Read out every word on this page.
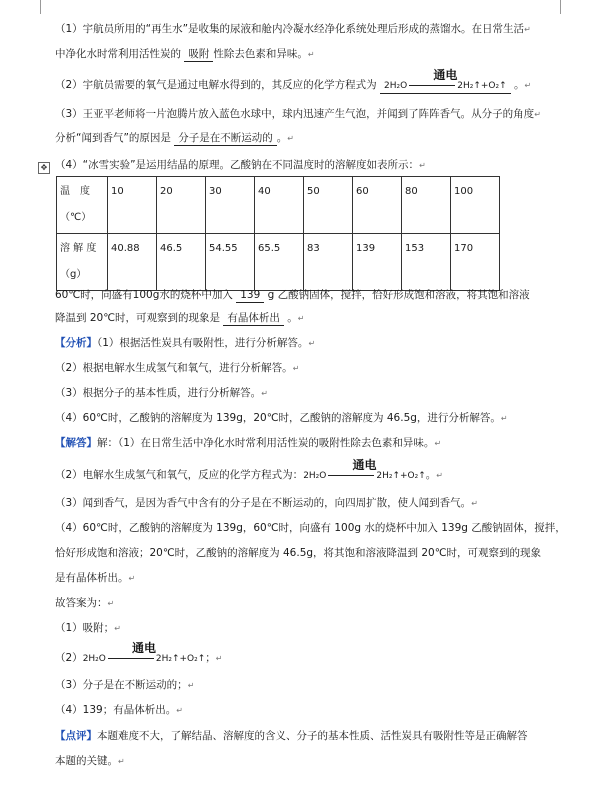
✥
（1）宇航员所用的“再生水”是收集的尿液和舱内冷凝水经净化系统处理后形成的蒸馏水。在日常生活↵
中净化水时常利用活性炭的 吸附 性除去色素和异味。↵
（2）宇航员需要的氧气是通过电解水得到的，其反应的化学方程式为
通电
2H₂O	2H₂↑+O₂↑ 。↵
（3）王亚平老师将一片泡腾片放入蓝色水球中，球内迅速产生气泡，并闻到了阵阵香气。从分子的角度↵
分析“闻到香气”的原因是 分子是在不断运动的 。↵
（4）“冰雪实验”是运用结晶的原理。乙酸钠在不同温度时的溶解度如表所示：↵
温　度
（℃）	10	20	30	40	50	60	80	100
溶 解 度
（g）	40.88	46.5	54.55	65.5	83	139	153	170
60℃时，向盛有100g水的烧杯中加入 139 g 乙酸钠固体，搅拌，恰好形成饱和溶液，将其饱和溶液
降温到 20℃时，可观察到的现象是 有晶体析出 。↵
【分析】（1）根据活性炭具有吸附性，进行分析解答。↵
（2）根据电解水生成氢气和氧气，进行分析解答。↵
（3）根据分子的基本性质，进行分析解答。↵
（4）60℃时，乙酸钠的溶解度为 139g，20℃时，乙酸钠的溶解度为 46.5g，进行分析解答。↵
【解答】解：（1）在日常生活中净化水时常利用活性炭的吸附性除去色素和异味。↵
（2）电解水生成氢气和氧气，反应的化学方程式为：
通电
2H₂O	2H₂↑+O₂↑。↵
（3）闻到香气，是因为香气中含有的分子是在不断运动的，向四周扩散，使人闻到香气。↵
（4）60℃时，乙酸钠的溶解度为 139g，60℃时，向盛有 100g 水的烧杯中加入 139g 乙酸钠固体，搅拌，
恰好形成饱和溶液；20℃时，乙酸钠的溶解度为 46.5g，将其饱和溶液降温到 20℃时，可观察到的现象
是有晶体析出。↵
故答案为：↵
（1）吸附；↵
（2）
通电
2H₂O	2H₂↑+O₂↑；↵
（3）分子是在不断运动的；↵
（4）139；有晶体析出。↵
【点评】本题难度不大，了解结晶、溶解度的含义、分子的基本性质、活性炭具有吸附性等是正确解答
本题的关键。↵
